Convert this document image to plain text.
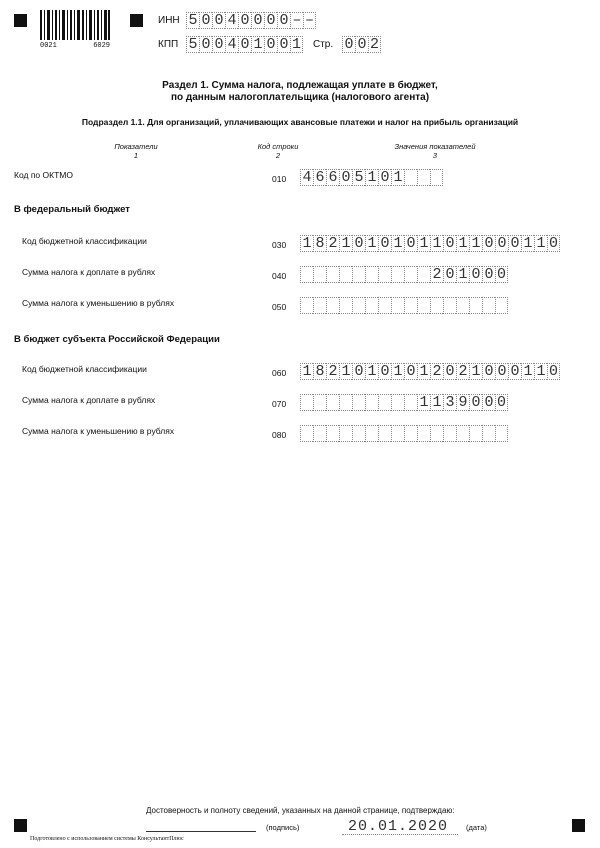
0021	6029
ИНН 5 0 0 4 0 0 0 0 – –
КПП 5 0 0 4 0 1 0 0 1 Стр. 0 0 2
Раздел 1. Сумма налога, подлежащая уплате в бюджет,
по данным налогоплательщика (налогового агента)
Подраздел 1.1. Для организаций, уплачивающих авансовые платежи и налог на прибыль организаций
Показатели
1
Код строки
2
Значения показателей
3
Код по ОКТМО	010 4 6 6 0 5 1 0 1
В федеральный бюджет
Код бюджетной классификации	030 1 8 2 1 0 1 0 1 0 1 1 0 1 1 0 0 0 1 1 0
Сумма налога к доплате в рублях	040	2 0 1 0 0 0
Сумма налога к уменьшению в рублях	050
В бюджет субъекта Российской Федерации
Код бюджетной классификации	060 1 8 2 1 0 1 0 1 0 1 2 0 2 1 0 0 0 1 1 0
Сумма налога к доплате в рублях	070	1 1 3 9 0 0 0
Сумма налога к уменьшению в рублях	080
Достоверность и полноту сведений, указанных на данной странице, подтверждаю:
(подпись)	20.01.2020 (дата)
Подготовлено с использованием системы КонсультантПлюс
